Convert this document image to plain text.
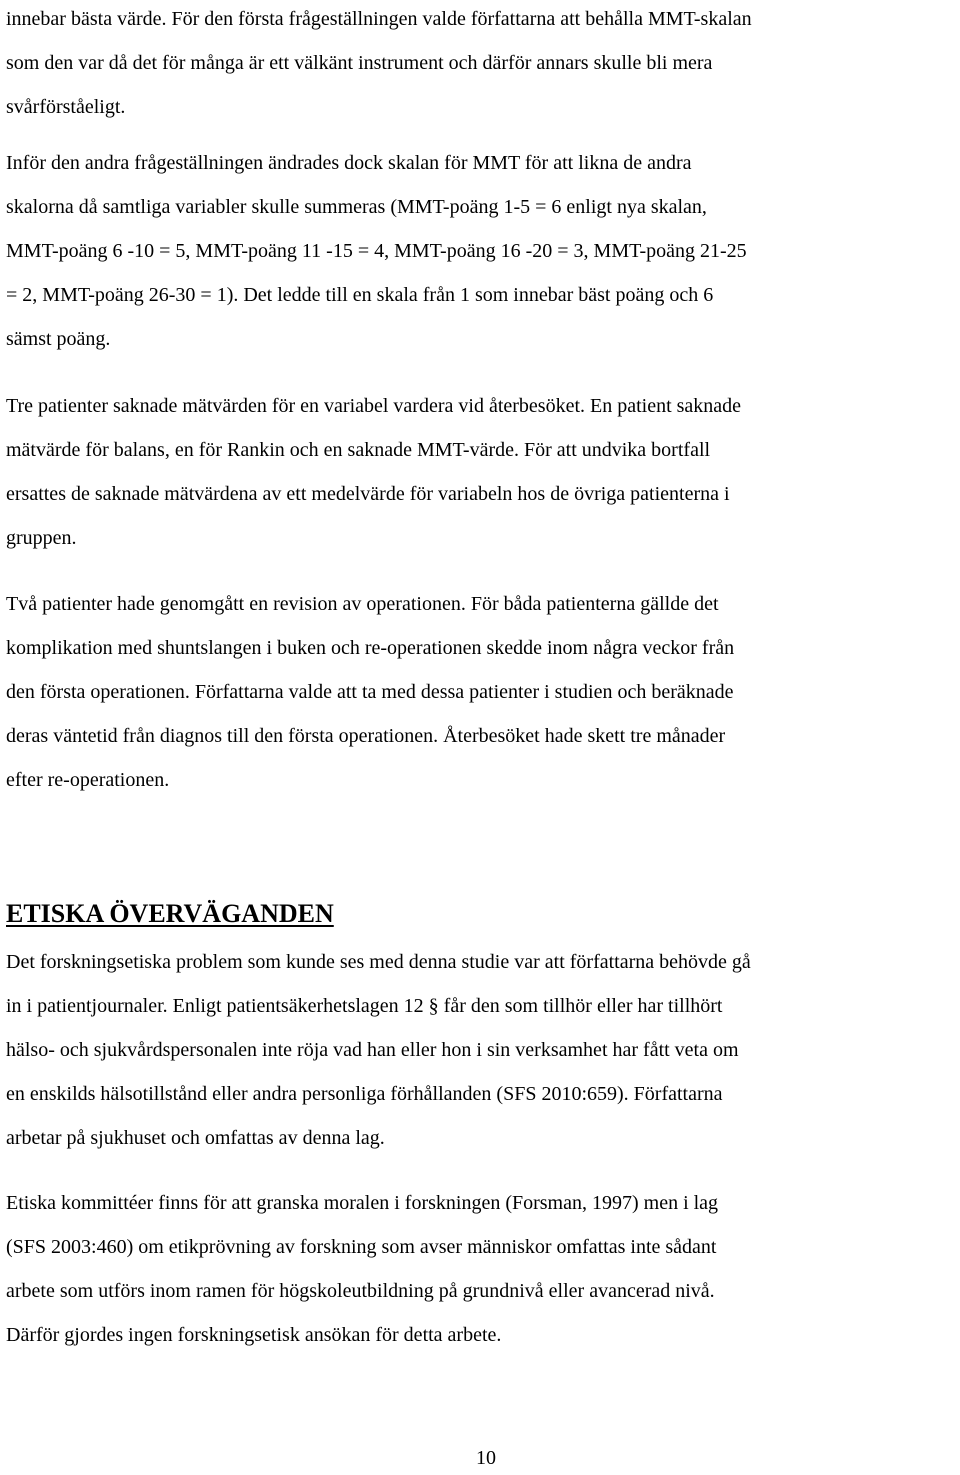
innebar bästa värde. För den första frågeställningen valde författarna att behålla MMT-skalan
som den var då det för många är ett välkänt instrument och därför annars skulle bli mera
svårförståeligt.

Inför den andra frågeställningen ändrades dock skalan för MMT för att likna de andra
skalorna då samtliga variabler skulle summeras (MMT-poäng 1-5 = 6 enligt nya skalan,
MMT-poäng 6 -10 = 5, MMT-poäng 11 -15 = 4, MMT-poäng 16 -20 = 3, MMT-poäng 21-25
= 2, MMT-poäng 26-30 = 1). Det ledde till en skala från 1 som innebar bäst poäng och 6
sämst poäng.

Tre patienter saknade mätvärden för en variabel vardera vid återbesöket. En patient saknade
mätvärde för balans, en för Rankin och en saknade MMT-värde. För att undvika bortfall
ersattes de saknade mätvärdena av ett medelvärde för variabeln hos de övriga patienterna i
gruppen.

Två patienter hade genomgått en revision av operationen. För båda patienterna gällde det
komplikation med shuntslangen i buken och re-operationen skedde inom några veckor från
den första operationen. Författarna valde att ta med dessa patienter i studien och beräknade
deras väntetid från diagnos till den första operationen. Återbesöket hade skett tre månader
efter re-operationen.

ETISKA ÖVERVÄGANDEN

Det forskningsetiska problem som kunde ses med denna studie var att författarna behövde gå
in i patientjournaler. Enligt patientsäkerhetslagen 12 § får den som tillhör eller har tillhört
hälso- och sjukvårdspersonalen inte röja vad han eller hon i sin verksamhet har fått veta om
en enskilds hälsotillstånd eller andra personliga förhållanden (SFS 2010:659). Författarna
arbetar på sjukhuset och omfattas av denna lag.

Etiska kommittéer finns för att granska moralen i forskningen (Forsman, 1997) men i lag
(SFS 2003:460) om etikprövning av forskning som avser människor omfattas inte sådant
arbete som utförs inom ramen för högskoleutbildning på grundnivå eller avancerad nivå.
Därför gjordes ingen forskningsetisk ansökan för detta arbete.

10
